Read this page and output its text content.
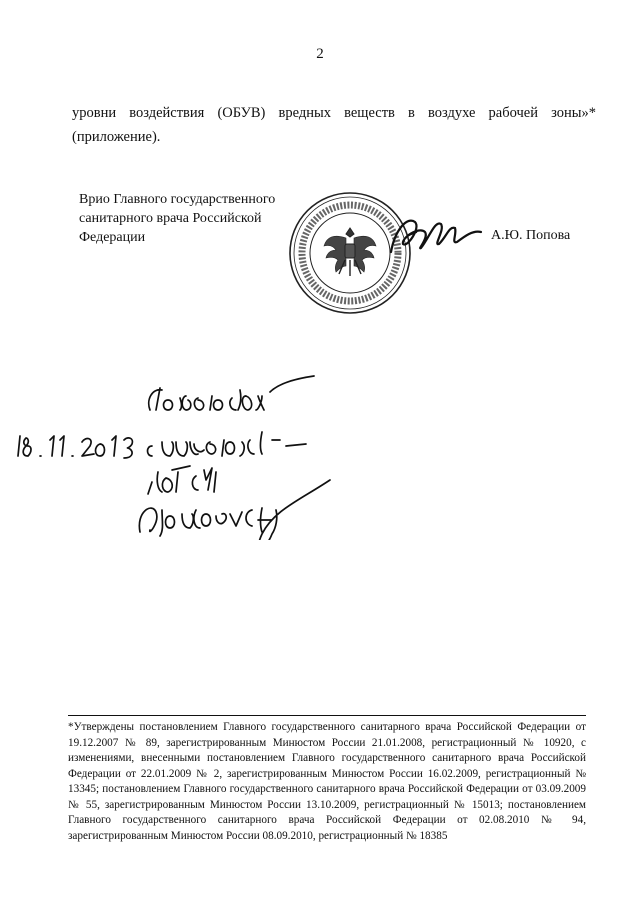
2
уровни воздействия (ОБУВ) вредных веществ в воздухе рабочей зоны»*
(приложение).
Врио Главного государственного
санитарного врача Российской
Федерации	А.Ю. Попова
*Утверждены постановлением Главного государственного санитарного врача Российской Федерации от 19.12.2007 № 89, зарегистрированным Минюстом России 21.01.2008, регистрационный № 10920, с изменениями, внесенными постановлением Главного государственного санитарного врача Российской Федерации от 22.01.2009 № 2, зарегистрированным Минюстом России 16.02.2009, регистрационный № 13345; постановлением Главного государственного санитарного врача Российской Федерации от 03.09.2009 № 55, зарегистрированным Минюстом России 13.10.2009, регистрационный № 15013; постановлением Главного государственного санитарного врача Российской Федерации от 02.08.2010 № 94, зарегистрированным Минюстом России 08.09.2010, регистрационный № 18385
